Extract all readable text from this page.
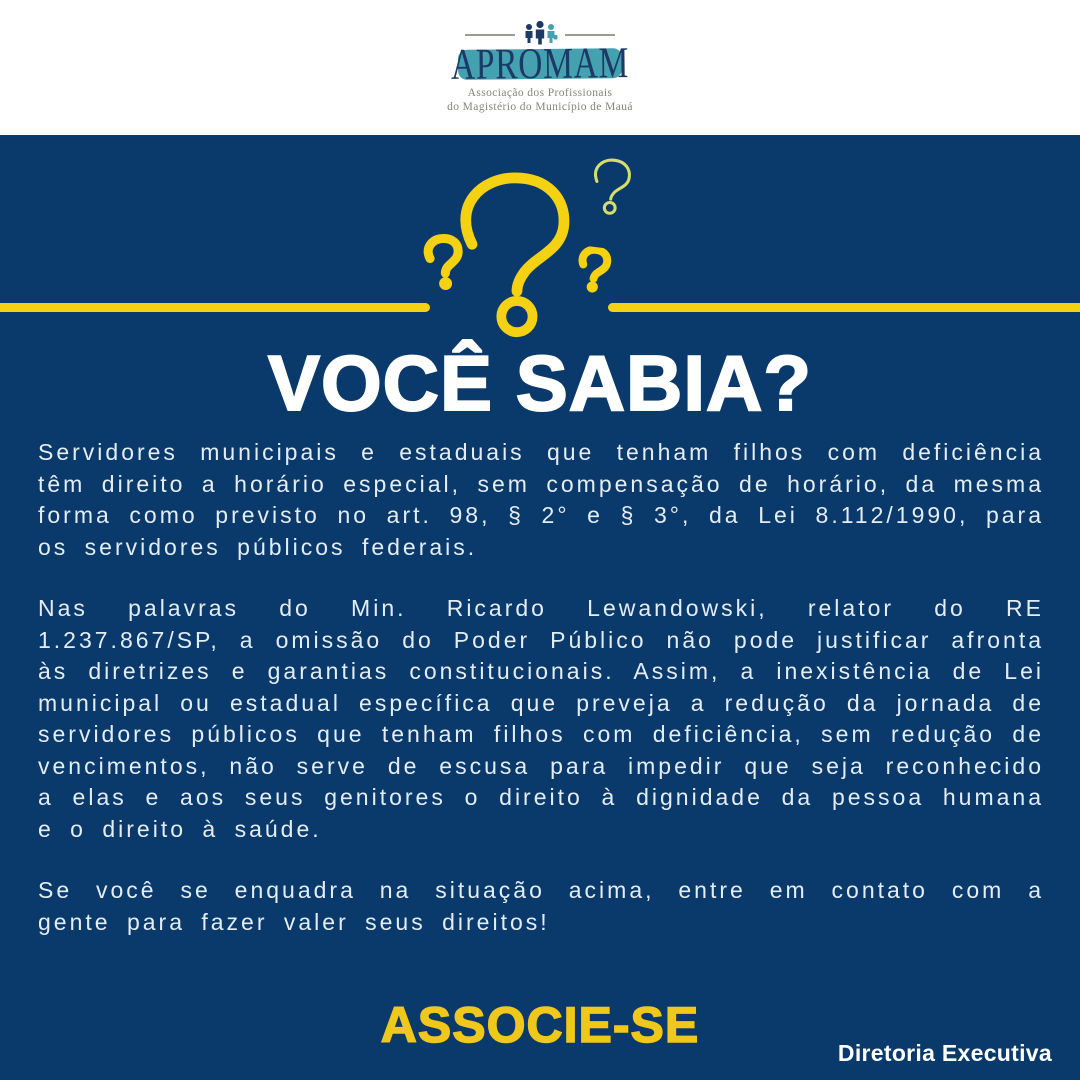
APROMAM
Associação dos Profissionais
do Magistério do Município de Mauá
VOCÊ SABIA?

Servidores municipais e estaduais que tenham filhos com deficiência têm direito a horário especial, sem compensação de horário, da mesma forma como previsto no art. 98, § 2° e § 3°, da Lei 8.112/1990, para os servidores públicos federais.

Nas palavras do Min. Ricardo Lewandowski, relator do RE 1.237.867/SP, a omissão do Poder Público não pode justificar afronta às diretrizes e garantias constitucionais. Assim, a inexistência de Lei municipal ou estadual específica que preveja a redução da jornada de servidores públicos que tenham filhos com deficiência, sem redução de vencimentos, não serve de escusa para impedir que seja reconhecido a elas e aos seus genitores o direito à dignidade da pessoa humana e o direito à saúde.

Se você se enquadra na situação acima, entre em contato com a gente para fazer valer seus direitos!

ASSOCIE-SE	Diretoria Executiva
